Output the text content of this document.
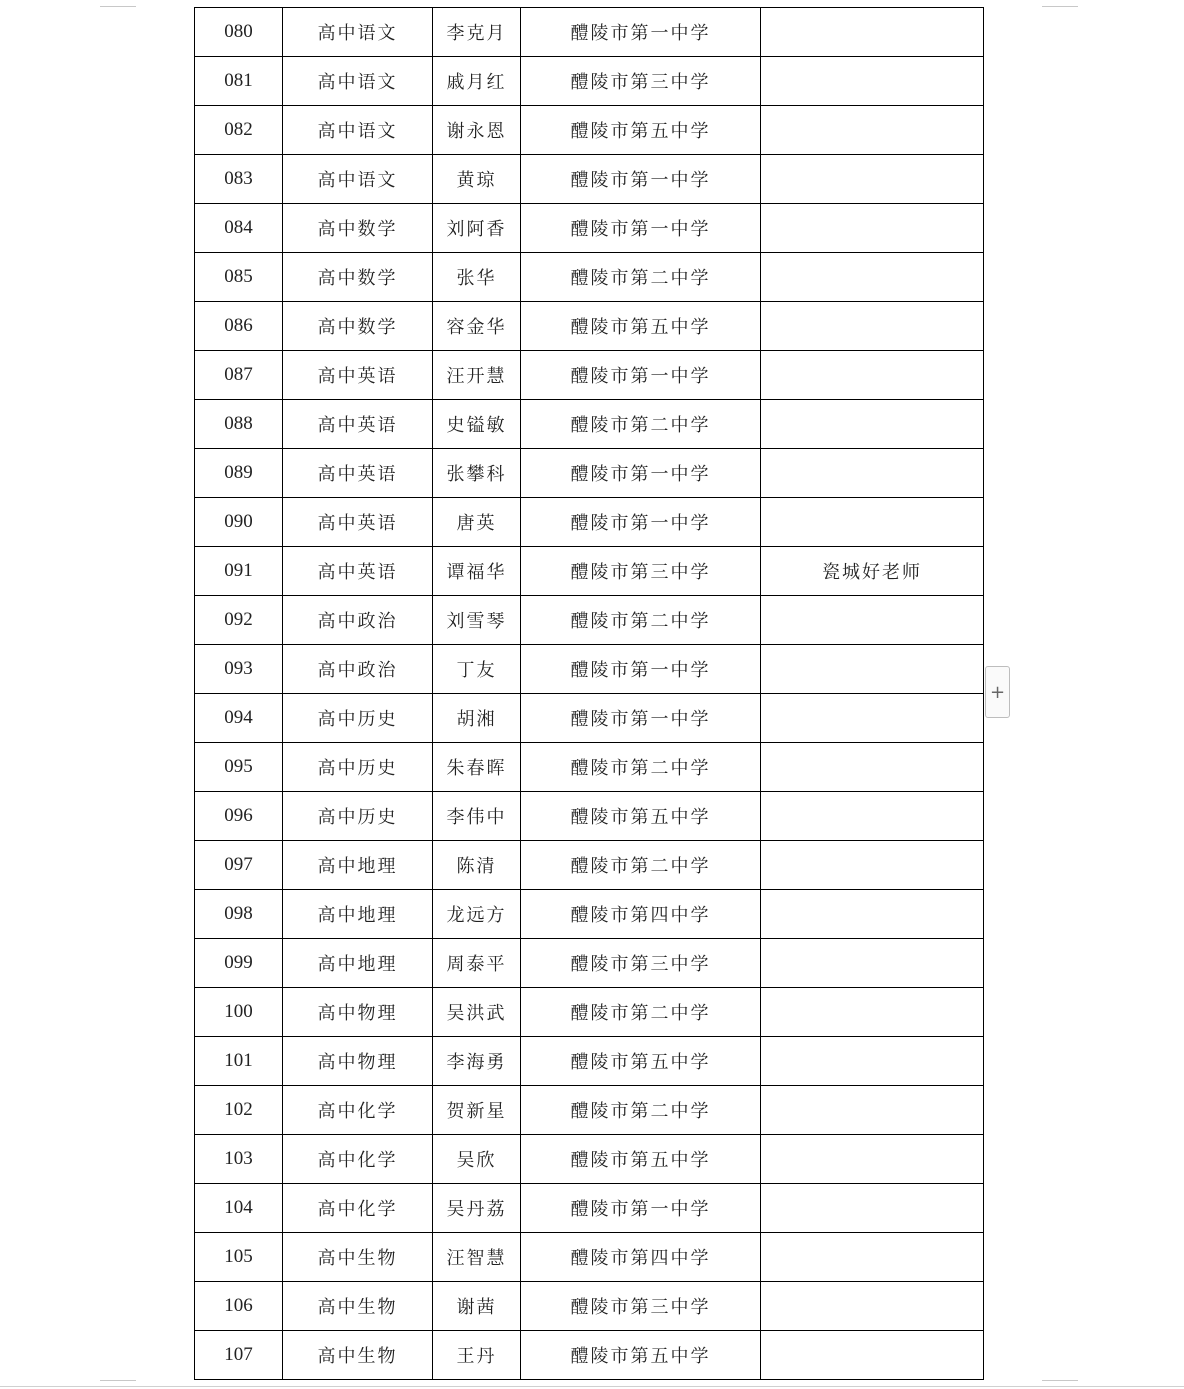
080	高中语文	李克月	醴陵市第一中学	
081	高中语文	戚月红	醴陵市第三中学	
082	高中语文	谢永恩	醴陵市第五中学	
083	高中语文	黄琼	醴陵市第一中学	
084	高中数学	刘阿香	醴陵市第一中学	
085	高中数学	张华	醴陵市第二中学	
086	高中数学	容金华	醴陵市第五中学	
087	高中英语	汪开慧	醴陵市第一中学	
088	高中英语	史镒敏	醴陵市第二中学	
089	高中英语	张攀科	醴陵市第一中学	
090	高中英语	唐英	醴陵市第一中学	
091	高中英语	谭福华	醴陵市第三中学	瓷城好老师
092	高中政治	刘雪琴	醴陵市第二中学	
093	高中政治	丁友	醴陵市第一中学	
094	高中历史	胡湘	醴陵市第一中学	
095	高中历史	朱春晖	醴陵市第二中学	
096	高中历史	李伟中	醴陵市第五中学	
097	高中地理	陈清	醴陵市第二中学	
098	高中地理	龙远方	醴陵市第四中学	
099	高中地理	周泰平	醴陵市第三中学	
100	高中物理	吴洪武	醴陵市第二中学	
101	高中物理	李海勇	醴陵市第五中学	
102	高中化学	贺新星	醴陵市第二中学	
103	高中化学	吴欣	醴陵市第五中学	
104	高中化学	吴丹荔	醴陵市第一中学	
105	高中生物	汪智慧	醴陵市第四中学	
106	高中生物	谢茜	醴陵市第三中学	
107	高中生物	王丹	醴陵市第五中学	
+
